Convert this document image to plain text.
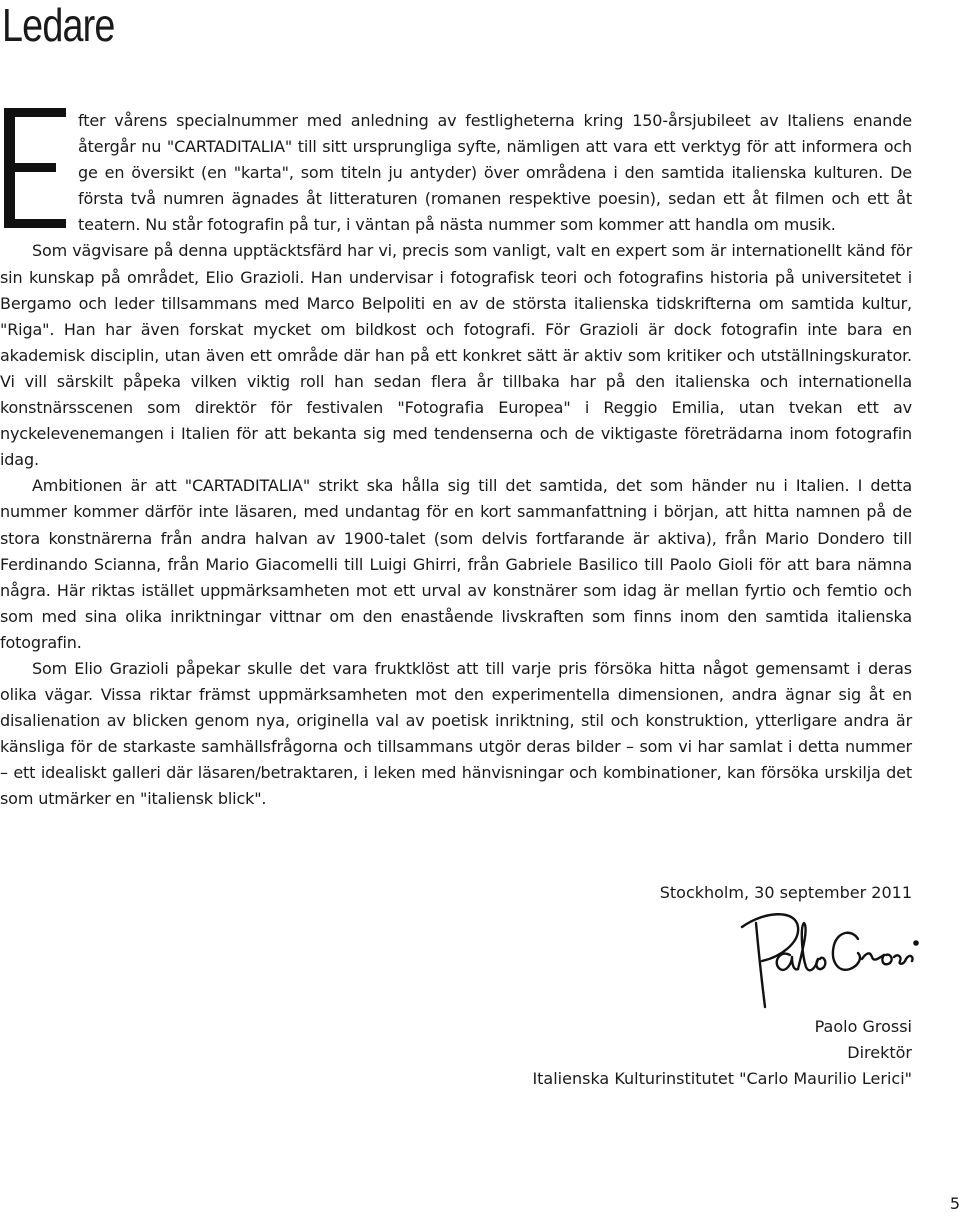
Ledare

fter vårens specialnummer med anledning av festligheterna kring 150-årsjubileet av Italiens enande återgår nu "CARTADITALIA" till sitt ursprungliga syfte, nämligen att vara ett verktyg för att informera och ge en översikt (en "karta", som titeln ju antyder) över områdena i den samtida italienska kulturen. De första två numren ägnades åt litteraturen (romanen respektive poesin), sedan ett åt filmen och ett åt teatern. Nu står fotografin på tur, i väntan på nästa nummer som kommer att handla om musik.

Som vägvisare på denna upptäcktsfärd har vi, precis som vanligt, valt en expert som är internationellt känd för sin kunskap på området, Elio Grazioli. Han undervisar i fotografisk teori och fotografins historia på universitetet i Bergamo och leder tillsammans med Marco Belpoliti en av de största italienska tidskrifterna om samtida kultur, "Riga". Han har även forskat mycket om bildkost och fotografi. För Grazioli är dock fotografin inte bara en akademisk disciplin, utan även ett område där han på ett konkret sätt är aktiv som kritiker och utställningskurator. Vi vill särskilt påpeka vilken viktig roll han sedan flera år tillbaka har på den italienska och internationella konstnärsscenen som direktör för festivalen "Fotografia Europea" i Reggio Emilia, utan tvekan ett av nyckelevenemangen i Italien för att bekanta sig med tendenserna och de viktigaste företrädarna inom fotografin idag.

Ambitionen är att "CARTADITALIA" strikt ska hålla sig till det samtida, det som händer nu i Italien. I detta nummer kommer därför inte läsaren, med undantag för en kort sammanfattning i början, att hitta namnen på de stora konstnärerna från andra halvan av 1900-talet (som delvis fortfarande är aktiva), från Mario Dondero till Ferdinando Scianna, från Mario Giacomelli till Luigi Ghirri, från Gabriele Basilico till Paolo Gioli för att bara nämna några. Här riktas istället uppmärksamheten mot ett urval av konstnärer som idag är mellan fyrtio och femtio och som med sina olika inriktningar vittnar om den enastående livskraften som finns inom den samtida italienska fotografin.

Som Elio Grazioli påpekar skulle det vara fruktklöst att till varje pris försöka hitta något gemensamt i deras olika vägar. Vissa riktar främst uppmärksamheten mot den experimentella dimensionen, andra ägnar sig åt en disalienation av blicken genom nya, originella val av poetisk inriktning, stil och konstruktion, ytterligare andra är känsliga för de starkaste samhällsfrågorna och tillsammans utgör deras bilder – som vi har samlat i detta nummer – ett idealiskt galleri där läsaren/betraktaren, i leken med hänvisningar och kombinationer, kan försöka urskilja det som utmärker en "italiensk blick".

Stockholm, 30 september 2011
Paolo Grossi
Direktör
Italienska Kulturinstitutet "Carlo Maurilio Lerici"
5
